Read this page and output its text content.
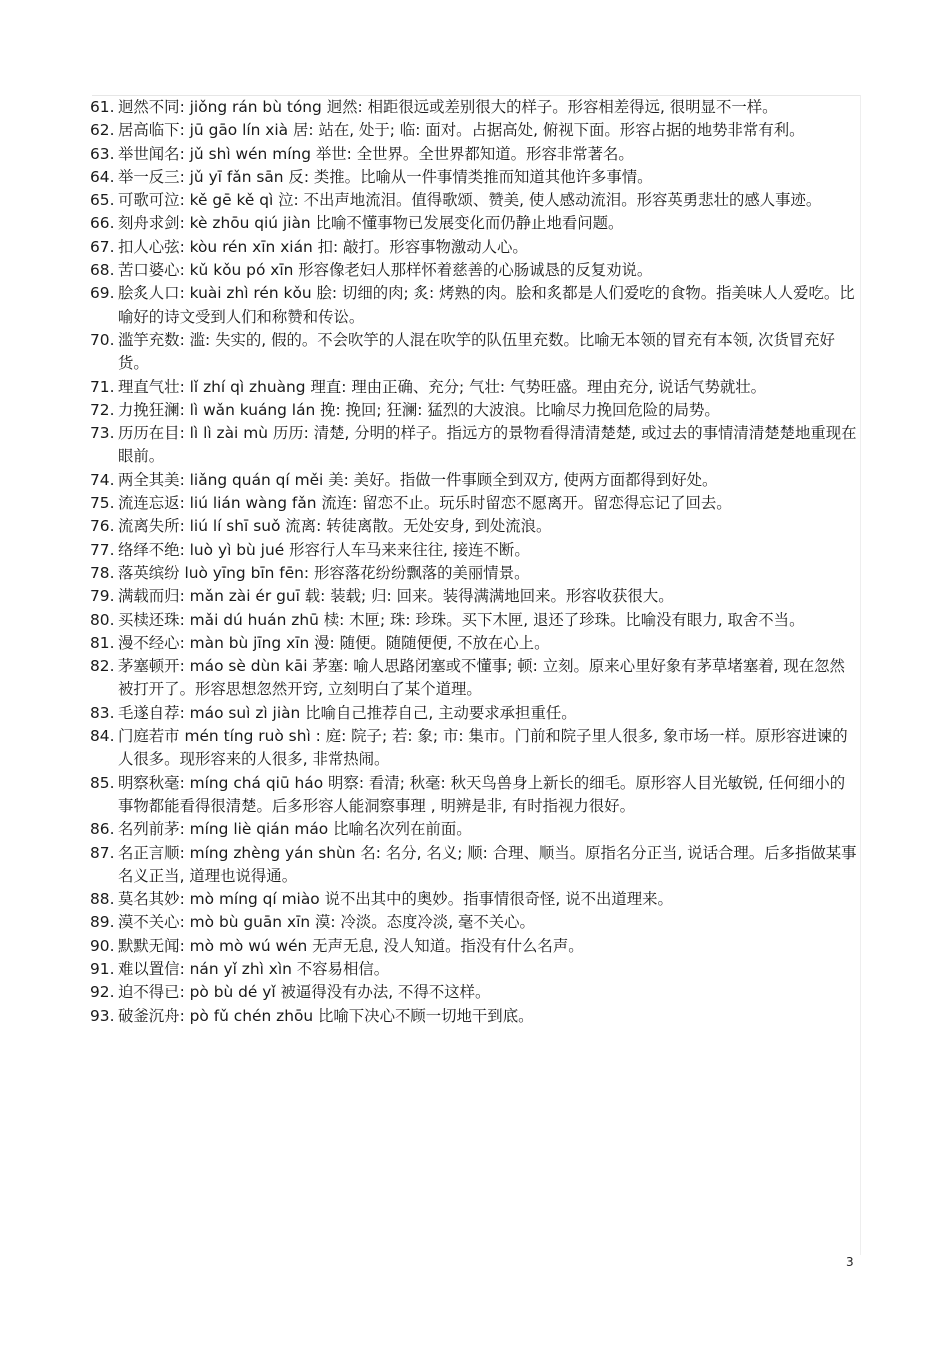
61. 迥然不同: jiǒng rán bù tóng 迥然: 相距很远或差别很大的样子。形容相差得远, 很明显不一样。
62. 居高临下: jū gāo lín xià 居: 站在, 处于; 临: 面对。占据高处, 俯视下面。形容占据的地势非常有利。
63. 举世闻名: jǔ shì wén míng 举世: 全世界。全世界都知道。形容非常著名。
64. 举一反三: jǔ yī fǎn sān 反: 类推。比喻从一件事情类推而知道其他许多事情。
65. 可歌可泣: kě gē kě qì 泣: 不出声地流泪。值得歌颂、赞美, 使人感动流泪。形容英勇悲壮的感人事迹。
66. 刻舟求剑: kè zhōu qiú jiàn 比喻不懂事物已发展变化而仍静止地看问题。
67. 扣人心弦: kòu rén xīn xián 扣: 敲打。形容事物激动人心。
68. 苦口婆心: kǔ kǒu pó xīn 形容像老妇人那样怀着慈善的心肠诚恳的反复劝说。
69. 脍炙人口: kuài zhì rén kǒu 脍: 切细的肉; 炙: 烤熟的肉。脍和炙都是人们爱吃的食物。指美味人人爱吃。比喻好的诗文受到人们和称赞和传讼。
70. 滥竽充数: 滥: 失实的, 假的。不会吹竽的人混在吹竽的队伍里充数。比喻无本领的冒充有本领, 次货冒充好货。
71. 理直气壮: lǐ zhí qì zhuàng 理直: 理由正确、充分; 气壮: 气势旺盛。理由充分, 说话气势就壮。
72. 力挽狂澜: lì wǎn kuáng lán 挽: 挽回; 狂澜: 猛烈的大波浪。比喻尽力挽回危险的局势。
73. 历历在目: lì lì zài mù 历历: 清楚, 分明的样子。指远方的景物看得清清楚楚, 或过去的事情清清楚楚地重现在眼前。
74. 两全其美: liǎng quán qí měi 美: 美好。指做一件事顾全到双方, 使两方面都得到好处。
75. 流连忘返: liú lián wàng fǎn 流连: 留恋不止。玩乐时留恋不愿离开。留恋得忘记了回去。
76. 流离失所: liú lí shī suǒ 流离: 转徒离散。无处安身, 到处流浪。
77. 络绎不绝: luò yì bù jué 形容行人车马来来往往, 接连不断。
78. 落英缤纷 luò yīng bīn fēn: 形容落花纷纷飘落的美丽情景。
79. 满载而归: mǎn zài ér guī 载: 装载; 归: 回来。装得满满地回来。形容收获很大。
80. 买椟还珠: mǎi dú huán zhū 椟: 木匣; 珠: 珍珠。买下木匣, 退还了珍珠。比喻没有眼力, 取舍不当。
81. 漫不经心: màn bù jīng xīn 漫: 随便。随随便便, 不放在心上。
82. 茅塞顿开: máo sè dùn kāi 茅塞: 喻人思路闭塞或不懂事; 顿: 立刻。原来心里好象有茅草堵塞着, 现在忽然被打开了。形容思想忽然开窍, 立刻明白了某个道理。
83. 毛遂自荐: máo suì zì jiàn 比喻自己推荐自己, 主动要求承担重任。
84. 门庭若市 mén tíng ruò shì : 庭: 院子; 若: 象; 市: 集市。门前和院子里人很多, 象市场一样。原形容进谏的人很多。现形容来的人很多, 非常热闹。
85. 明察秋毫: míng chá qiū háo 明察: 看清; 秋毫: 秋天鸟兽身上新长的细毛。原形容人目光敏锐, 任何细小的事物都能看得很清楚。后多形容人能洞察事理 , 明辨是非, 有时指视力很好。
86. 名列前茅: míng liè qián máo 比喻名次列在前面。
87. 名正言顺: míng zhèng yán shùn 名: 名分, 名义; 顺: 合理、顺当。原指名分正当, 说话合理。后多指做某事名义正当, 道理也说得通。
88. 莫名其妙: mò míng qí miào 说不出其中的奥妙。指事情很奇怪, 说不出道理来。
89. 漠不关心: mò bù guān xīn 漠: 冷淡。态度冷淡, 毫不关心。
90. 默默无闻: mò mò wú wén 无声无息, 没人知道。指没有什么名声。
91. 难以置信: nán yǐ zhì xìn 不容易相信。
92. 迫不得已: pò bù dé yǐ 被逼得没有办法, 不得不这样。
93. 破釜沉舟: pò fǔ chén zhōu 比喻下决心不顾一切地干到底。
3
